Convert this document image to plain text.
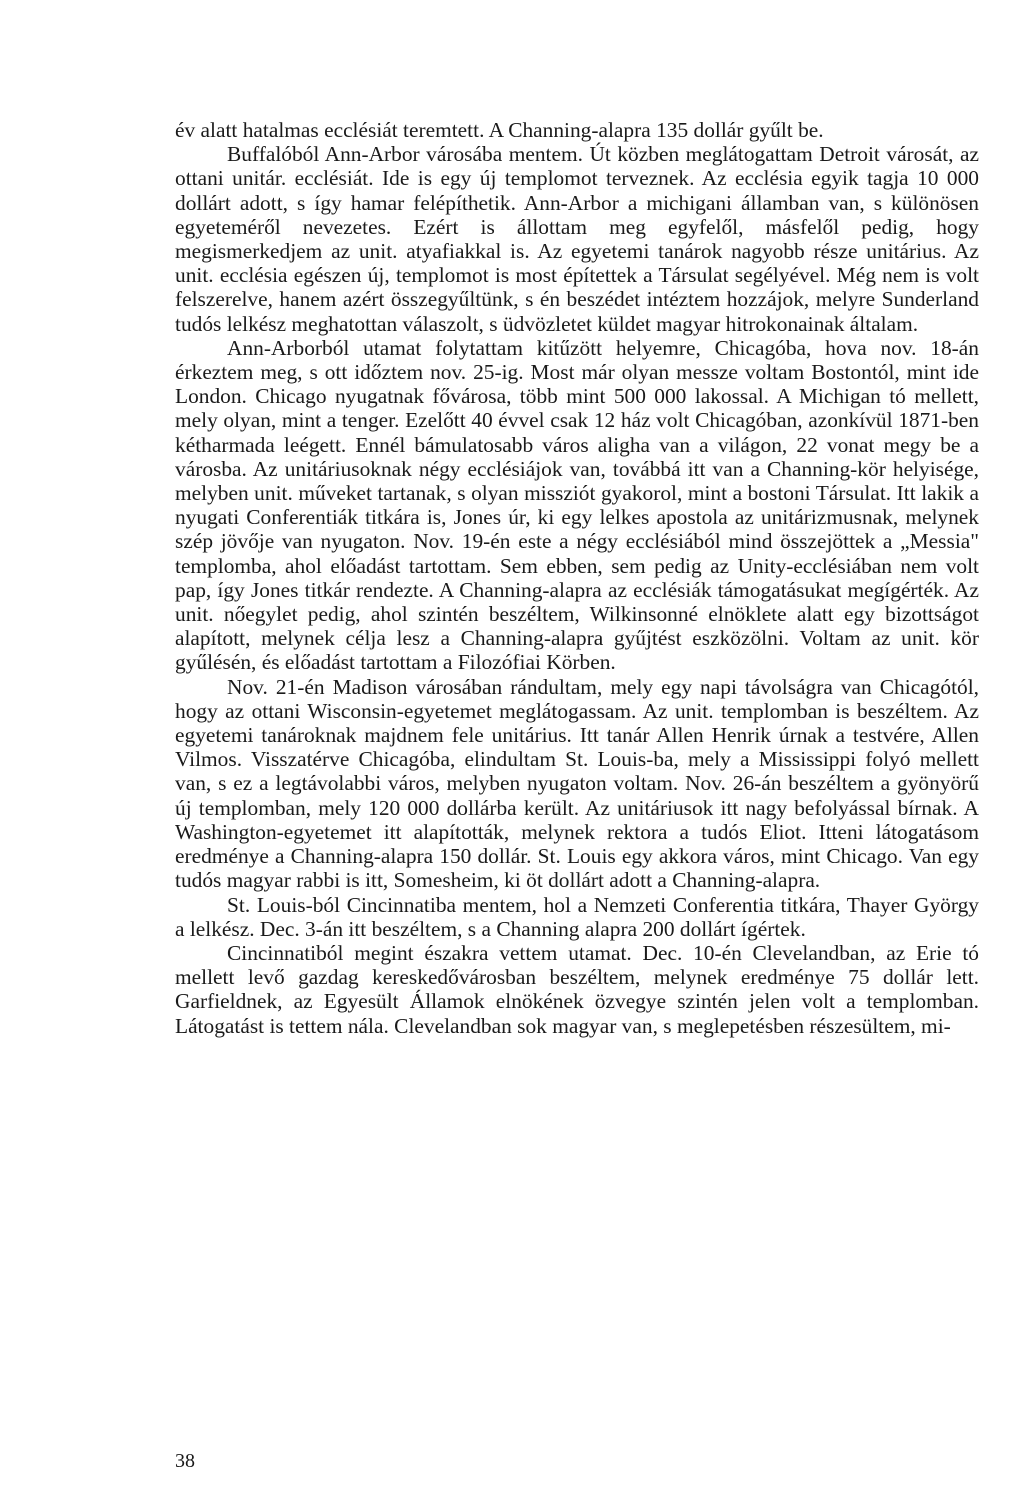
év alatt hatalmas ecclésiát teremtett. A Channing-alapra 135 dollár gyűlt be.

Buffalóból Ann-Arbor városába mentem. Út közben meglátogattam Detroit városát, az ottani unitár. ecclésiát. Ide is egy új templomot terveznek. Az ecclésia egyik tagja 10 000 dollárt adott, s így hamar felépíthetik. Ann-Arbor a michigani államban van, s különösen egyeteméről nevezetes. Ezért is állottam meg egyfelől, másfelől pedig, hogy megismerkedjem az unit. atyafiakkal is. Az egyetemi tanárok nagyobb része unitárius. Az unit. ecclésia egészen új, templomot is most építettek a Társulat segélyével. Még nem is volt felszerelve, hanem azért összegyűltünk, s én beszédet intéztem hozzájok, melyre Sunderland tudós lelkész meghatottan válaszolt, s üdvözletet küldet magyar hitrokonainak általam.

Ann-Arborból utamat folytattam kitűzött helyemre, Chicagóba, hova nov. 18-án érkeztem meg, s ott időztem nov. 25-ig. Most már olyan messze voltam Bostontól, mint ide London. Chicago nyugatnak fővárosa, több mint 500 000 lakossal. A Michigan tó mellett, mely olyan, mint a tenger. Ezelőtt 40 évvel csak 12 ház volt Chicagóban, azonkívül 1871-ben kétharmada leégett. Ennél bámulatosabb város aligha van a világon, 22 vonat megy be a városba. Az unitáriusoknak négy ecclésiájok van, továbbá itt van a Channing-kör helyisége, melyben unit. műveket tartanak, s olyan missziót gyakorol, mint a bostoni Társulat. Itt lakik a nyugati Conferentiák titkára is, Jones úr, ki egy lelkes apostola az unitárizmusnak, melynek szép jövője van nyugaton. Nov. 19-én este a négy ecclésiából mind összejöttek a „Messia" templomba, ahol előadást tartottam. Sem ebben, sem pedig az Unity-ecclésiában nem volt pap, így Jones titkár rendezte. A Channing-alapra az ecclésiák támogatásukat megígérték. Az unit. nőegylet pedig, ahol szintén beszéltem, Wilkinsonné elnöklete alatt egy bizottságot alapított, melynek célja lesz a Channing-alapra gyűjtést eszközölni. Voltam az unit. kör gyűlésén, és előadást tartottam a Filozófiai Körben.

Nov. 21-én Madison városában rándultam, mely egy napi távolságra van Chicagótól, hogy az ottani Wisconsin-egyetemet meglátogassam. Az unit. templomban is beszéltem. Az egyetemi tanároknak majdnem fele unitárius. Itt tanár Allen Henrik úrnak a testvére, Allen Vilmos. Visszatérve Chicagóba, elindultam St. Louis-ba, mely a Mississippi folyó mellett van, s ez a legtávolabbi város, melyben nyugaton voltam. Nov. 26-án beszéltem a gyönyörű új templomban, mely 120 000 dollárba került. Az unitáriusok itt nagy befolyással bírnak. A Washington-egyetemet itt alapították, melynek rektora a tudós Eliot. Itteni látogatásom eredménye a Channing-alapra 150 dollár. St. Louis egy akkora város, mint Chicago. Van egy tudós magyar rabbi is itt, Somesheim, ki öt dollárt adott a Channing-alapra.

St. Louis-ból Cincinnatiba mentem, hol a Nemzeti Conferentia titkára, Thayer György a lelkész. Dec. 3-án itt beszéltem, s a Channing alapra 200 dollárt ígértek.

Cincinnatiból megint északra vettem utamat. Dec. 10-én Clevelandban, az Erie tó mellett levő gazdag kereskedővárosban beszéltem, melynek eredménye 75 dollár lett. Garfieldnek, az Egyesült Államok elnökének özvegye szintén jelen volt a templomban. Látogatást is tettem nála. Clevelandban sok magyar van, s meglepetésben részesültem, mi-

38
